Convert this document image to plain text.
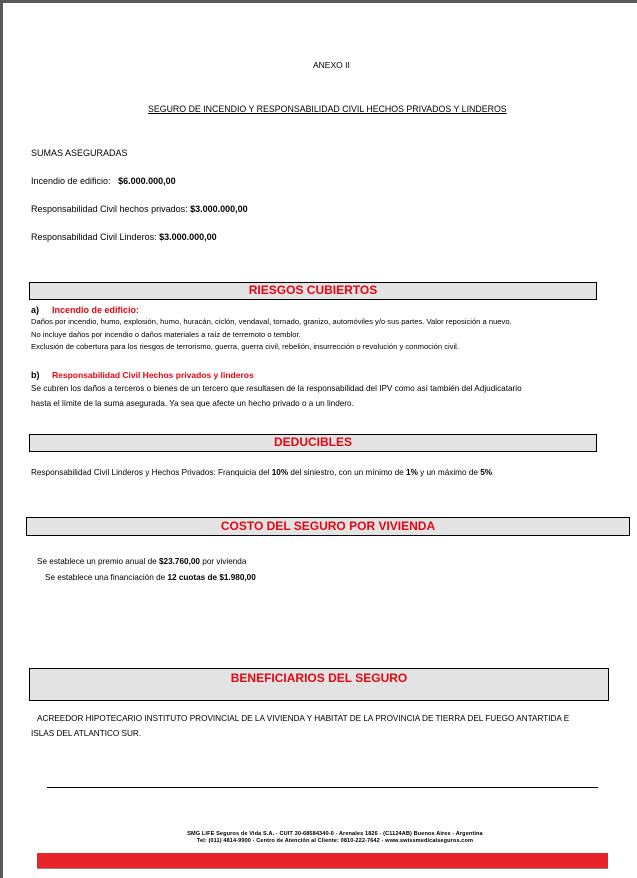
ANEXO II
SEGURO DE INCENDIO Y RESPONSABILIDAD CIVIL HECHOS PRIVADOS Y LINDEROS
SUMAS ASEGURADAS
Incendio de edificio: $6.000.000,00
Responsabilidad Civil hechos privados: $3.000.000,00
Responsabilidad Civil Linderos: $3.000.000,00
RIESGOS CUBIERTOS
a) Incendio de edificio:
Daños por incendio, humo, explosión, humo, huracán, ciclón, vendaval, tornado, granizo, automóviles y/o sus partes. Valor reposición a nuevo.
No incluye daños por incendio o daños materiales a raíz de terremoto o temblor.
Exclusión de cobertura para los riesgos de terrorismo, guerra, guerra civil, rebelión, insurrección o revolución y conmoción civil.
b) Responsabilidad Civil Hechos privados y linderos
Se cubren los daños a terceros o bienes de un tercero que resultasen de la responsabilidad del IPV como así también del Adjudicatario
hasta el límite de la suma asegurada. Ya sea que afecte un hecho privado o a un lindero.
DEDUCIBLES
Responsabilidad Civil Linderos y Hechos Privados: Franquicia del 10% del siniestro, con un mínimo de 1% y un máximo de 5%
COSTO DEL SEGURO POR VIVIENDA
Se establece un premio anual de $23.760,00 por vivienda
Se establece una financiación de 12 cuotas de $1.980,00
BENEFICIARIOS DEL SEGURO
ACREEDOR HIPOTECARIO INSTITUTO PROVINCIAL DE LA VIVIENDA Y HABITAT DE LA PROVINCIA DE TIERRA DEL FUEGO ANTARTIDA E
ISLAS DEL ATLANTICO SUR.
SMG LIFE Seguros de Vida S.A. - CUIT 30-68584340-0 - Arenales 1826 - (C1124AB) Buenos Aires - Argentina
Tel: (011) 4814-9900 - Centro de Atención al Cliente: 0810-222-7642 - www.swissmedicalseguros.com
